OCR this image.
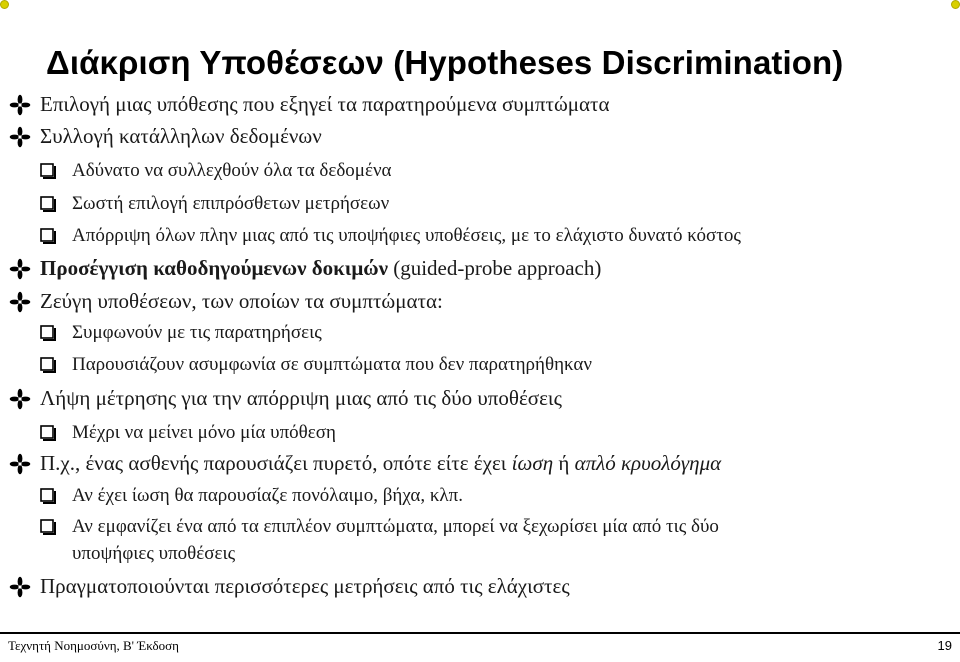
Διάκριση Υποθέσεων (Hypotheses Discrimination)
Επιλογή μιας υπόθεσης που εξηγεί τα παρατηρούμενα συμπτώματα
Συλλογή κατάλληλων δεδομένων
Αδύνατο να συλλεχθούν όλα τα δεδομένα
Σωστή επιλογή επιπρόσθετων μετρήσεων
Απόρριψη όλων πλην μιας από τις υποψήφιες υποθέσεις, με το ελάχιστο δυνατό κόστος
Προσέγγιση καθοδηγούμενων δοκιμών (guided-probe approach)
Ζεύγη υποθέσεων, των οποίων τα συμπτώματα:
Συμφωνούν με τις παρατηρήσεις
Παρουσιάζουν ασυμφωνία σε συμπτώματα που δεν παρατηρήθηκαν
Λήψη μέτρησης για την απόρριψη μιας από τις δύο υποθέσεις
Μέχρι να μείνει μόνο μία υπόθεση
Π.χ., ένας ασθενής παρουσιάζει πυρετό, οπότε είτε έχει ίωση ή απλό κρυολόγημα
Αν έχει ίωση θα παρουσίαζε πονόλαιμο, βήχα, κλπ.
Αν εμφανίζει ένα από τα επιπλέον συμπτώματα, μπορεί να ξεχωρίσει μία από τις δύο
υποψήφιες υποθέσεις
Πραγματοποιούνται περισσότερες μετρήσεις από τις ελάχιστες
Τεχνητή Νοημοσύνη, B' Έκδοση	19
